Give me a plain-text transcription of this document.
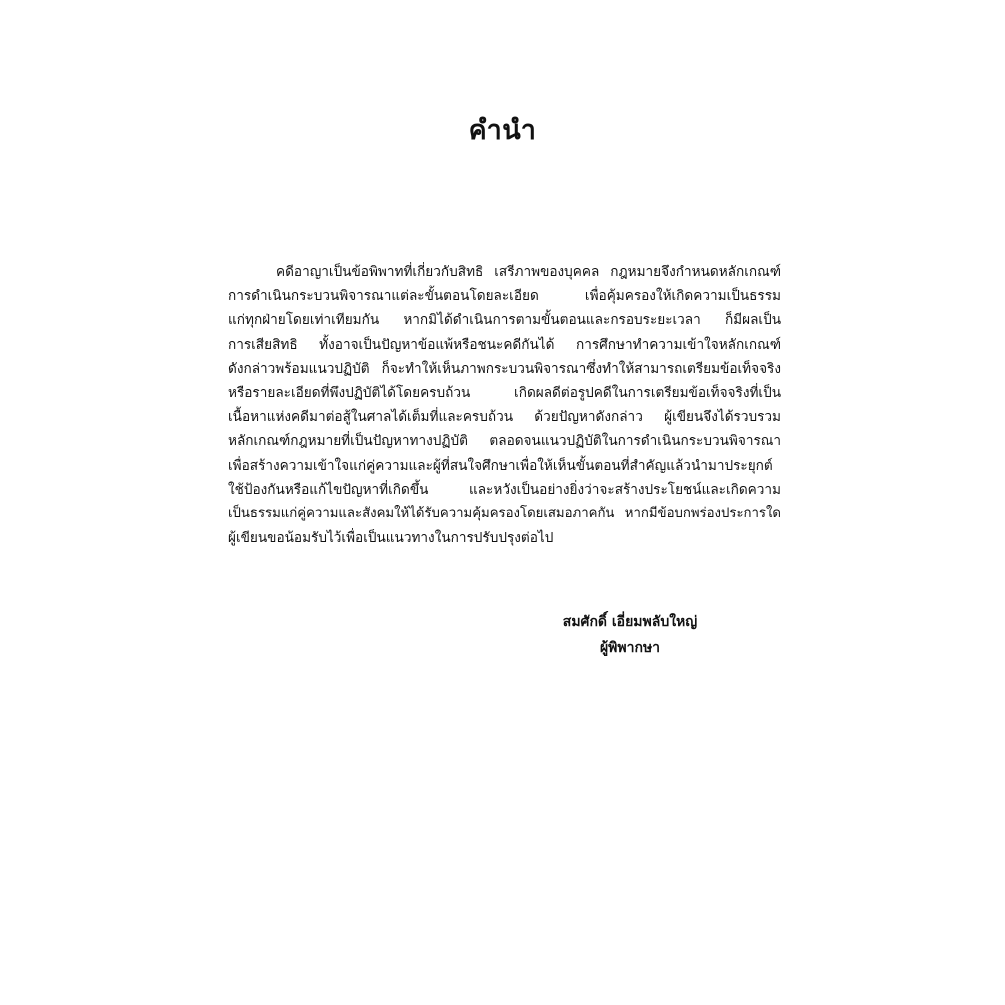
คำนำ
คดีอาญาเป็นข้อพิพาทที่เกี่ยวกับสิทธิ เสรีภาพของบุคคล กฎหมายจึงกำหนดหลักเกณฑ์
การดำเนินกระบวนพิจารณาแต่ละขั้นตอนโดยละเอียด เพื่อคุ้มครองให้เกิดความเป็นธรรม
แก่ทุกฝ่ายโดยเท่าเทียมกัน หากมิได้ดำเนินการตามขั้นตอนและกรอบระยะเวลา ก็มีผลเป็น
การเสียสิทธิ ทั้งอาจเป็นปัญหาข้อแพ้หรือชนะคดีกันได้ การศึกษาทำความเข้าใจหลักเกณฑ์
ดังกล่าวพร้อมแนวปฏิบัติ ก็จะทำให้เห็นภาพกระบวนพิจารณาซึ่งทำให้สามารถเตรียมข้อเท็จจริง
หรือรายละเอียดที่พึงปฏิบัติได้โดยครบถ้วน เกิดผลดีต่อรูปคดีในการเตรียมข้อเท็จจริงที่เป็น
เนื้อหาแห่งคดีมาต่อสู้ในศาลได้เต็มที่และครบถ้วน ด้วยปัญหาดังกล่าว ผู้เขียนจึงได้รวบรวม
หลักเกณฑ์กฎหมายที่เป็นปัญหาทางปฏิบัติ ตลอดจนแนวปฏิบัติในการดำเนินกระบวนพิจารณา
เพื่อสร้างความเข้าใจแก่คู่ความและผู้ที่สนใจศึกษาเพื่อให้เห็นขั้นตอนที่สำคัญแล้วนำมาประยุกต์
ใช้ป้องกันหรือแก้ไขปัญหาที่เกิดขึ้น และหวังเป็นอย่างยิ่งว่าจะสร้างประโยชน์และเกิดความ
เป็นธรรมแก่คู่ความและสังคมให้ได้รับความคุ้มครองโดยเสมอภาคกัน หากมีข้อบกพร่องประการใด
ผู้เขียนขอน้อมรับไว้เพื่อเป็นแนวทางในการปรับปรุงต่อไป
สมศักดิ์ เอี่ยมพลับใหญ่
ผู้พิพากษา
